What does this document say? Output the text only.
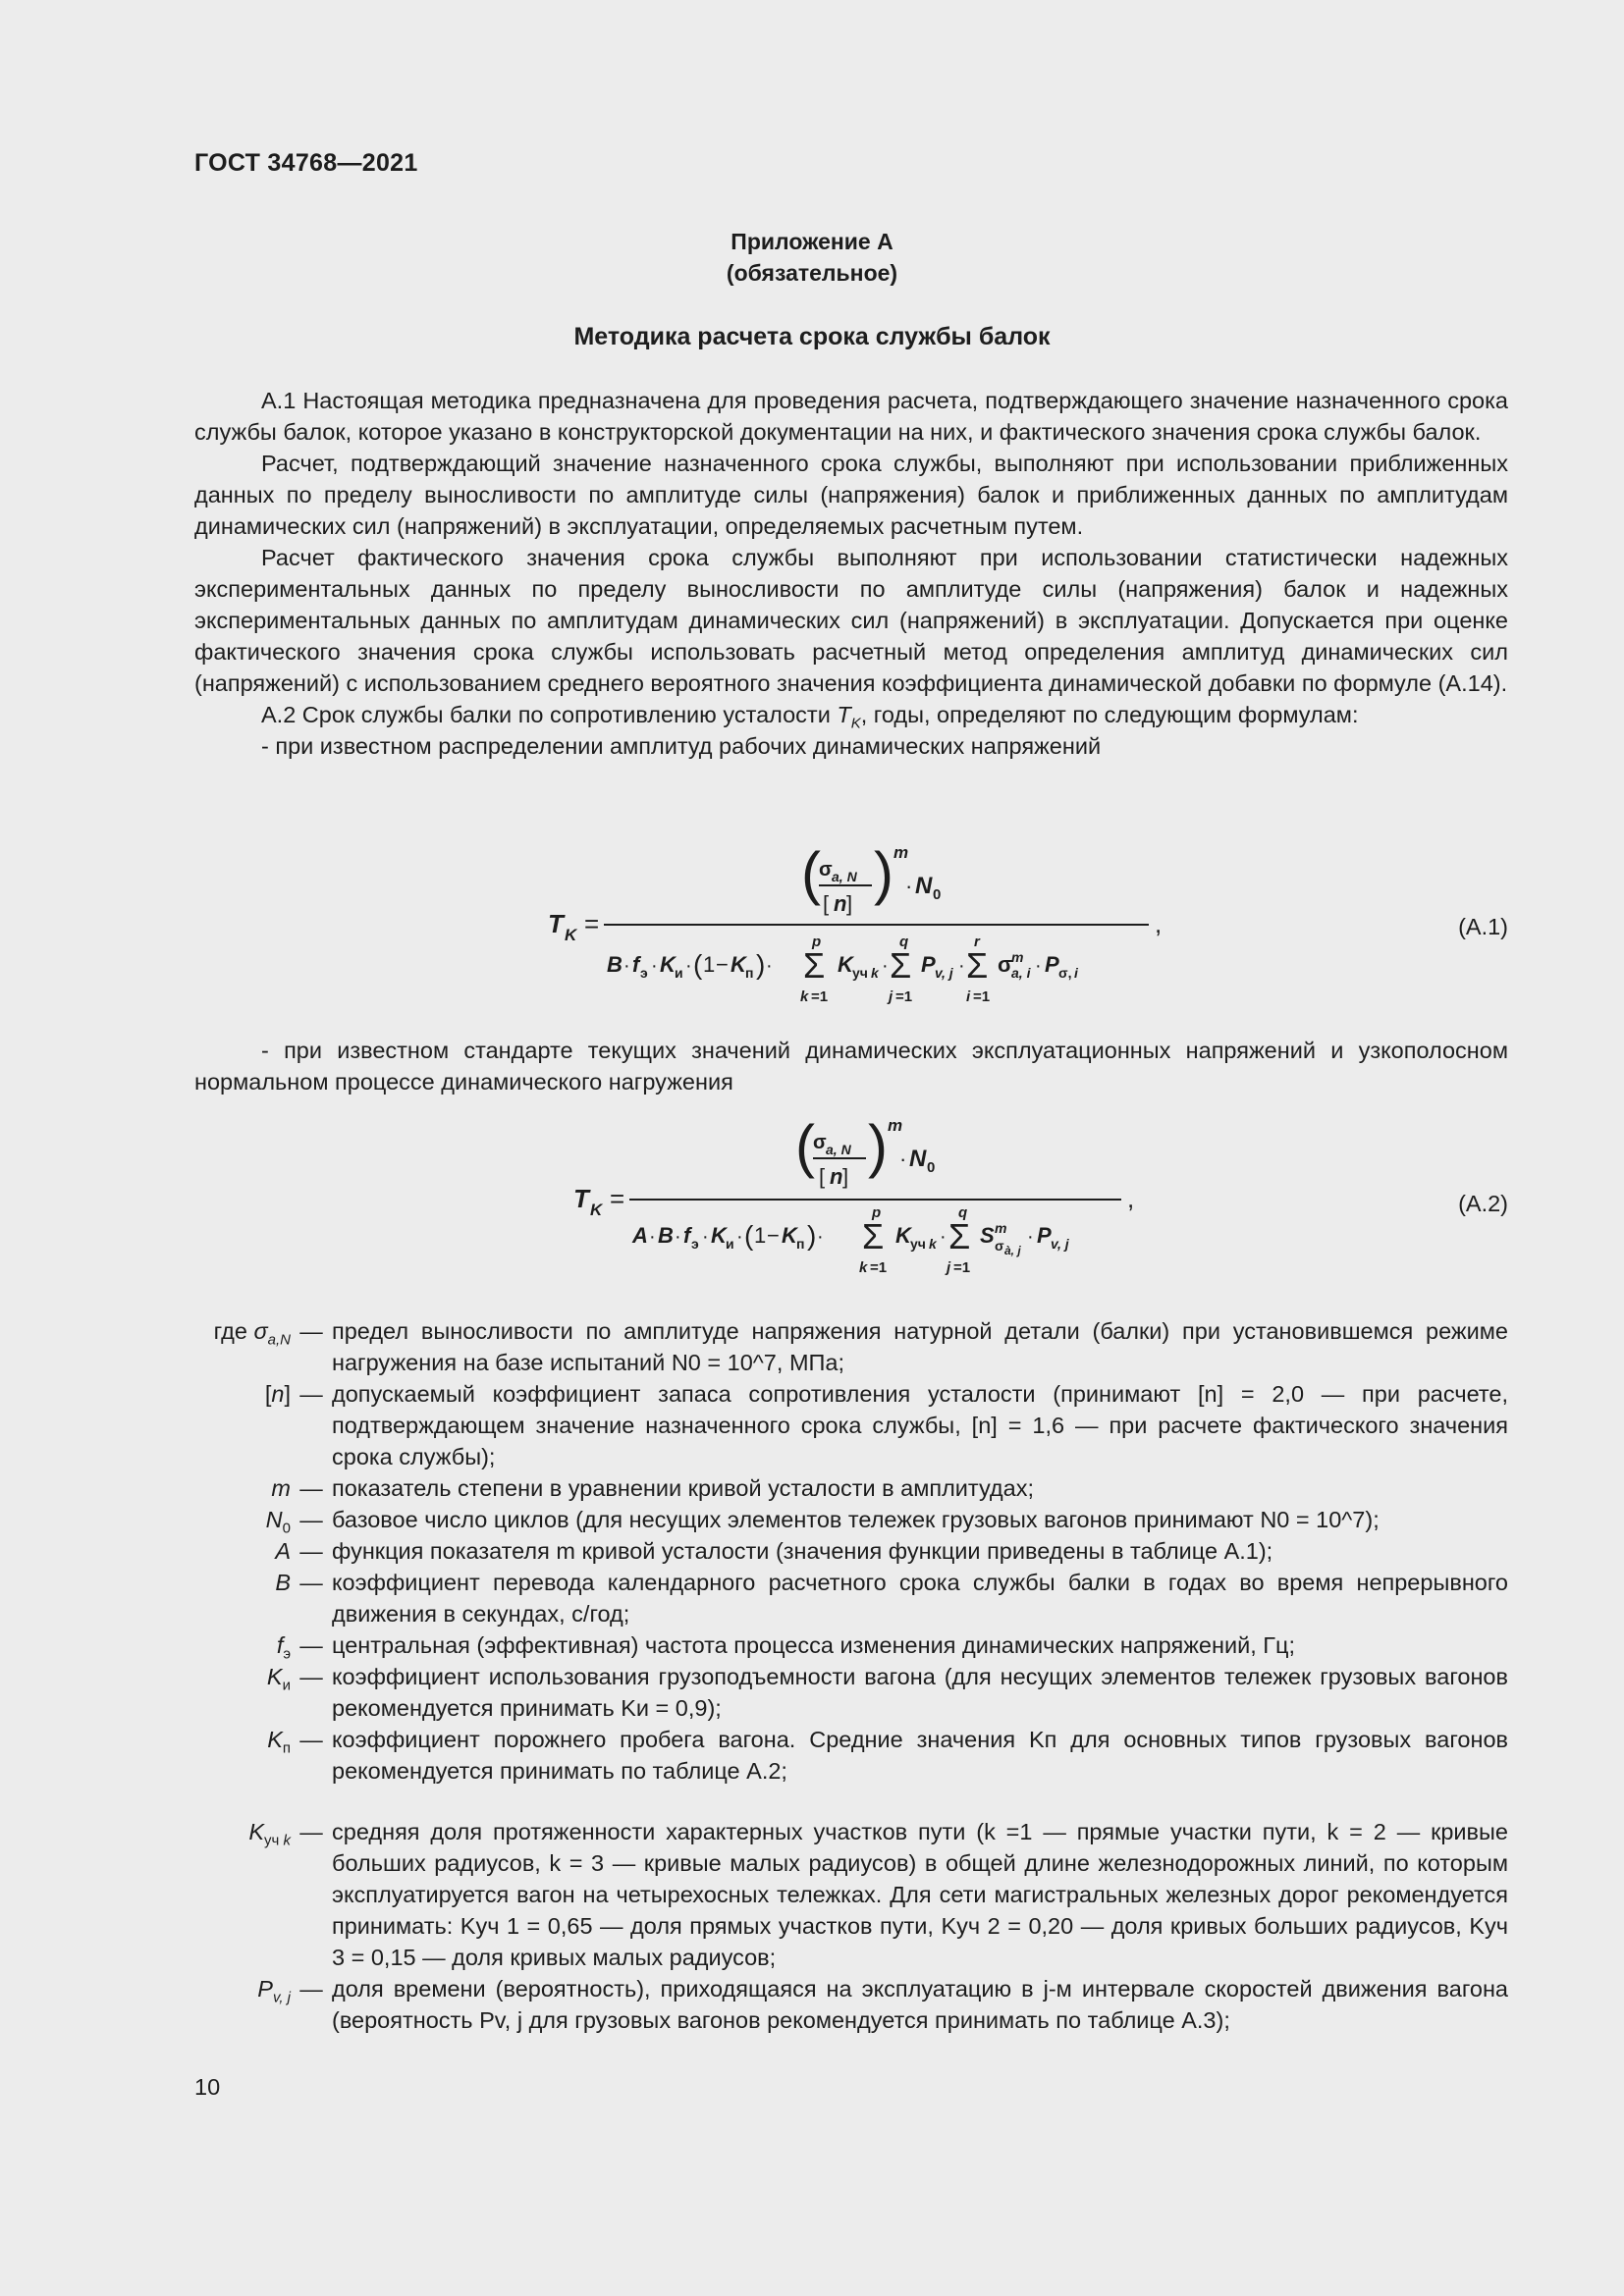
ГОСТ 34768—2021
Приложение А
(обязательное)
Методика расчета срока службы балок

А.1 Настоящая методика предназначена для проведения расчета, подтверждающего значение назначенного срока службы балок, которое указано в конструкторской документации на них, и фактического значения срока службы балок.

Расчет, подтверждающий значение назначенного срока службы, выполняют при использовании приближенных данных по пределу выносливости по амплитуде силы (напряжения) балок и приближенных данных по амплитудам динамических сил (напряжений) в эксплуатации, определяемых расчетным путем.

Расчет фактического значения срока службы выполняют при использовании статистически надежных экспериментальных данных по пределу выносливости по амплитуде силы (напряжения) балок и надежных экспериментальных данных по амплитудам динамических сил (напряжений) в эксплуатации. Допускается при оценке фактического значения срока службы использовать расчетный метод определения амплитуд динамических сил (напряжений) с использованием среднего вероятного значения коэффициента динамической добавки по формуле (А.14).

А.2 Срок службы балки по сопротивлению усталости $T_K$, годы, определяют по следующим формулам:

- при известном распределении амплитуд рабочих динамических напряжений

T K =
(
σ a, N
[ n ] ) m
· N 0
,
B · f э · K и · ( 1 − K п ) ·
p
Σ
k =1
K уч k ·
q
Σ
j =1
P v, j ·
r
Σ
i =1
σ
m
a, i · P σ, i
(А.1)

- при известном стандарте текущих значений динамических эксплуатационных напряжений и узкополосном нормальном процессе динамического нагружения

T K =
(
σ a, N
[ n ] ) m
· N 0
,
A · B · f э · K и · ( 1 − K п ) ·
p
Σ
k =1
K уч k ·
q
Σ
j =1
S m
σ à, j
· P v, j
(А.2)
где $\sigma_{a,N}$ — предел выносливости по амплитуде напряжения натурной детали (балки) при установившемся режиме нагружения на базе испытаний N0 = 10^7, МПа;
[n] — допускаемый коэффициент запаса сопротивления усталости (принимают [n] = 2,0 — при расчете, подтверждающем значение назначенного срока службы, [n] = 1,6 — при расчете фактического значения срока службы);
m — показатель степени в уравнении кривой усталости в амплитудах;
$N_0$ — базовое число циклов (для несущих элементов тележек грузовых вагонов принимают N0 = 10^7);
A — функция показателя m кривой усталости (значения функции приведены в таблице А.1);
B — коэффициент перевода календарного расчетного срока службы балки в годах во время непрерывного движения в секундах, с/год;
$f_э$ — центральная (эффективная) частота процесса изменения динамических напряжений, Гц;
$K_и$ — коэффициент использования грузоподъемности вагона (для несущих элементов тележек грузовых вагонов рекомендуется принимать Kи = 0,9);
$K_п$ — коэффициент порожнего пробега вагона. Средние значения Kп для основных типов грузовых вагонов рекомендуется принимать по таблице А.2;
$K_{уч k}$ — средняя доля протяженности характерных участков пути (k =1 — прямые участки пути, k = 2 — кривые больших радиусов, k = 3 — кривые малых радиусов) в общей длине железнодорожных линий, по которым эксплуатируется вагон на четырехосных тележках. Для сети магистральных железных дорог рекомендуется принимать: Kуч 1 = 0,65 — доля прямых участков пути, Kуч 2 = 0,20 — доля кривых больших радиусов, Kуч 3 = 0,15 — доля кривых малых радиусов;
$P_{v, j}$ — доля времени (вероятность), приходящаяся на эксплуатацию в j-м интервале скоростей движения вагона (вероятность Pv, j для грузовых вагонов рекомендуется принимать по таблице А.3);
10
